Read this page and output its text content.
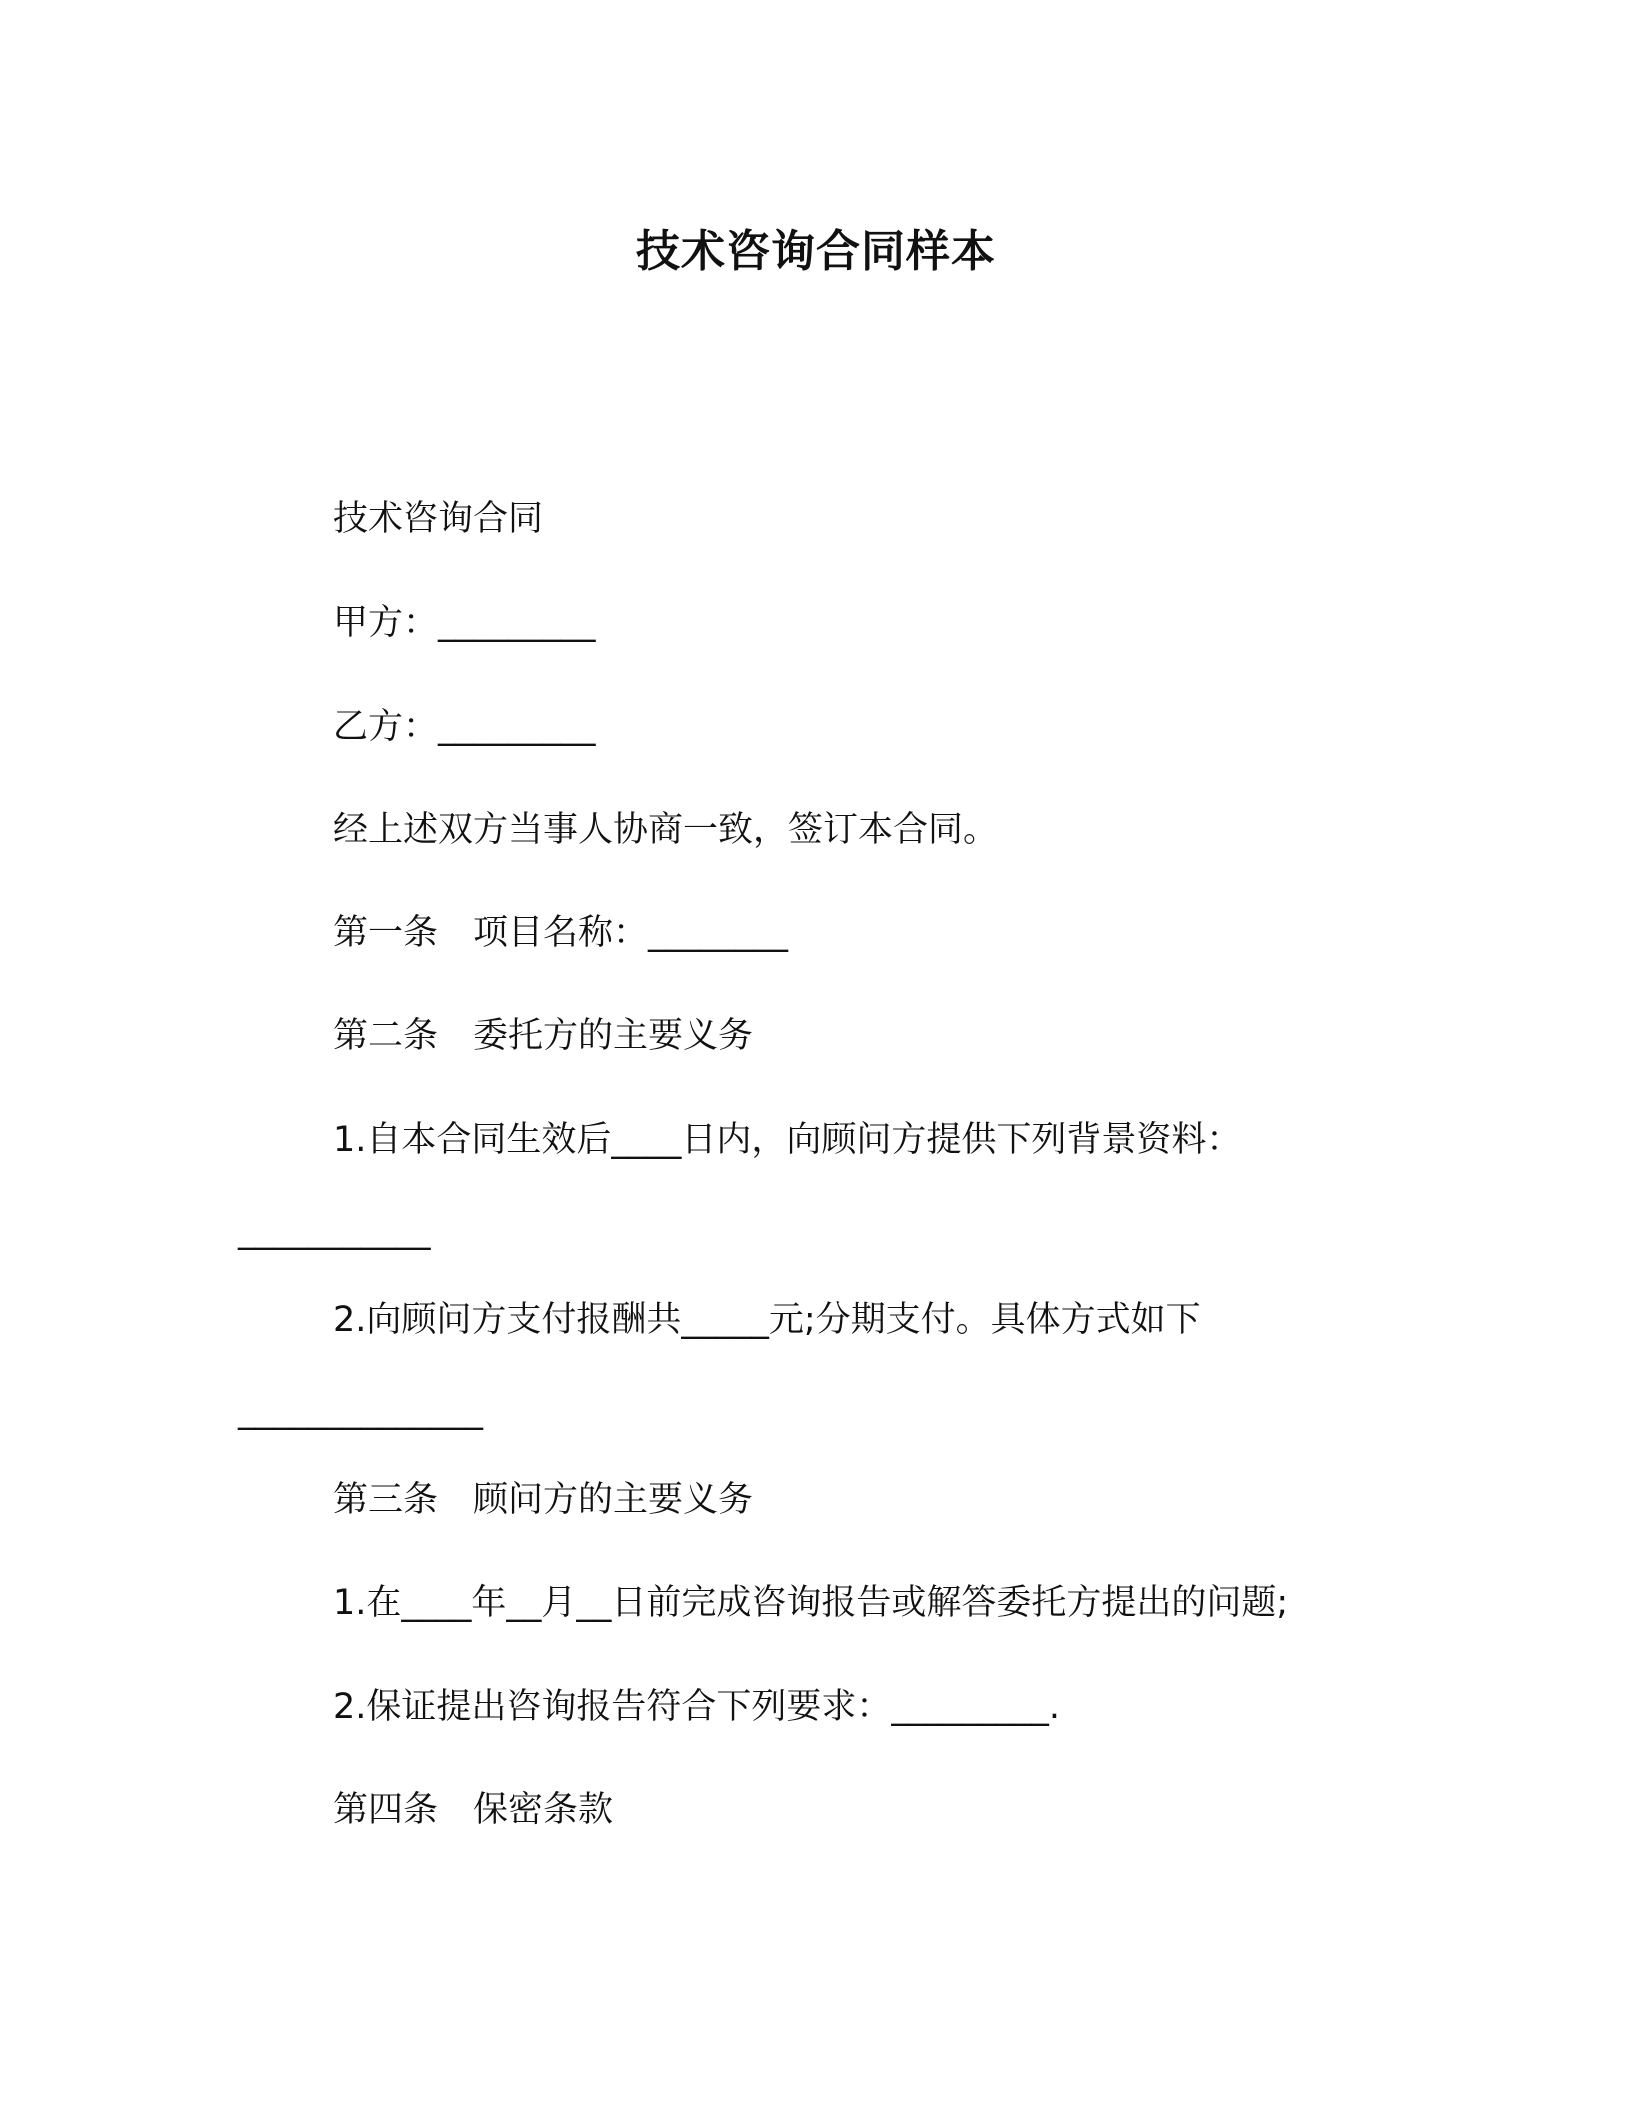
技术咨询合同样本
技术咨询合同
甲方：_________
乙方：_________
经上述双方当事人协商一致，签订本合同。
第一条　项目名称：________
第二条　委托方的主要义务
1.自本合同生效后____日内，向顾问方提供下列背景资料：
___________
2.向顾问方支付报酬共_____元;分期支付。具体方式如下
______________
第三条　顾问方的主要义务
1.在____年__月__日前完成咨询报告或解答委托方提出的问题;
2.保证提出咨询报告符合下列要求：_________.
第四条　保密条款
